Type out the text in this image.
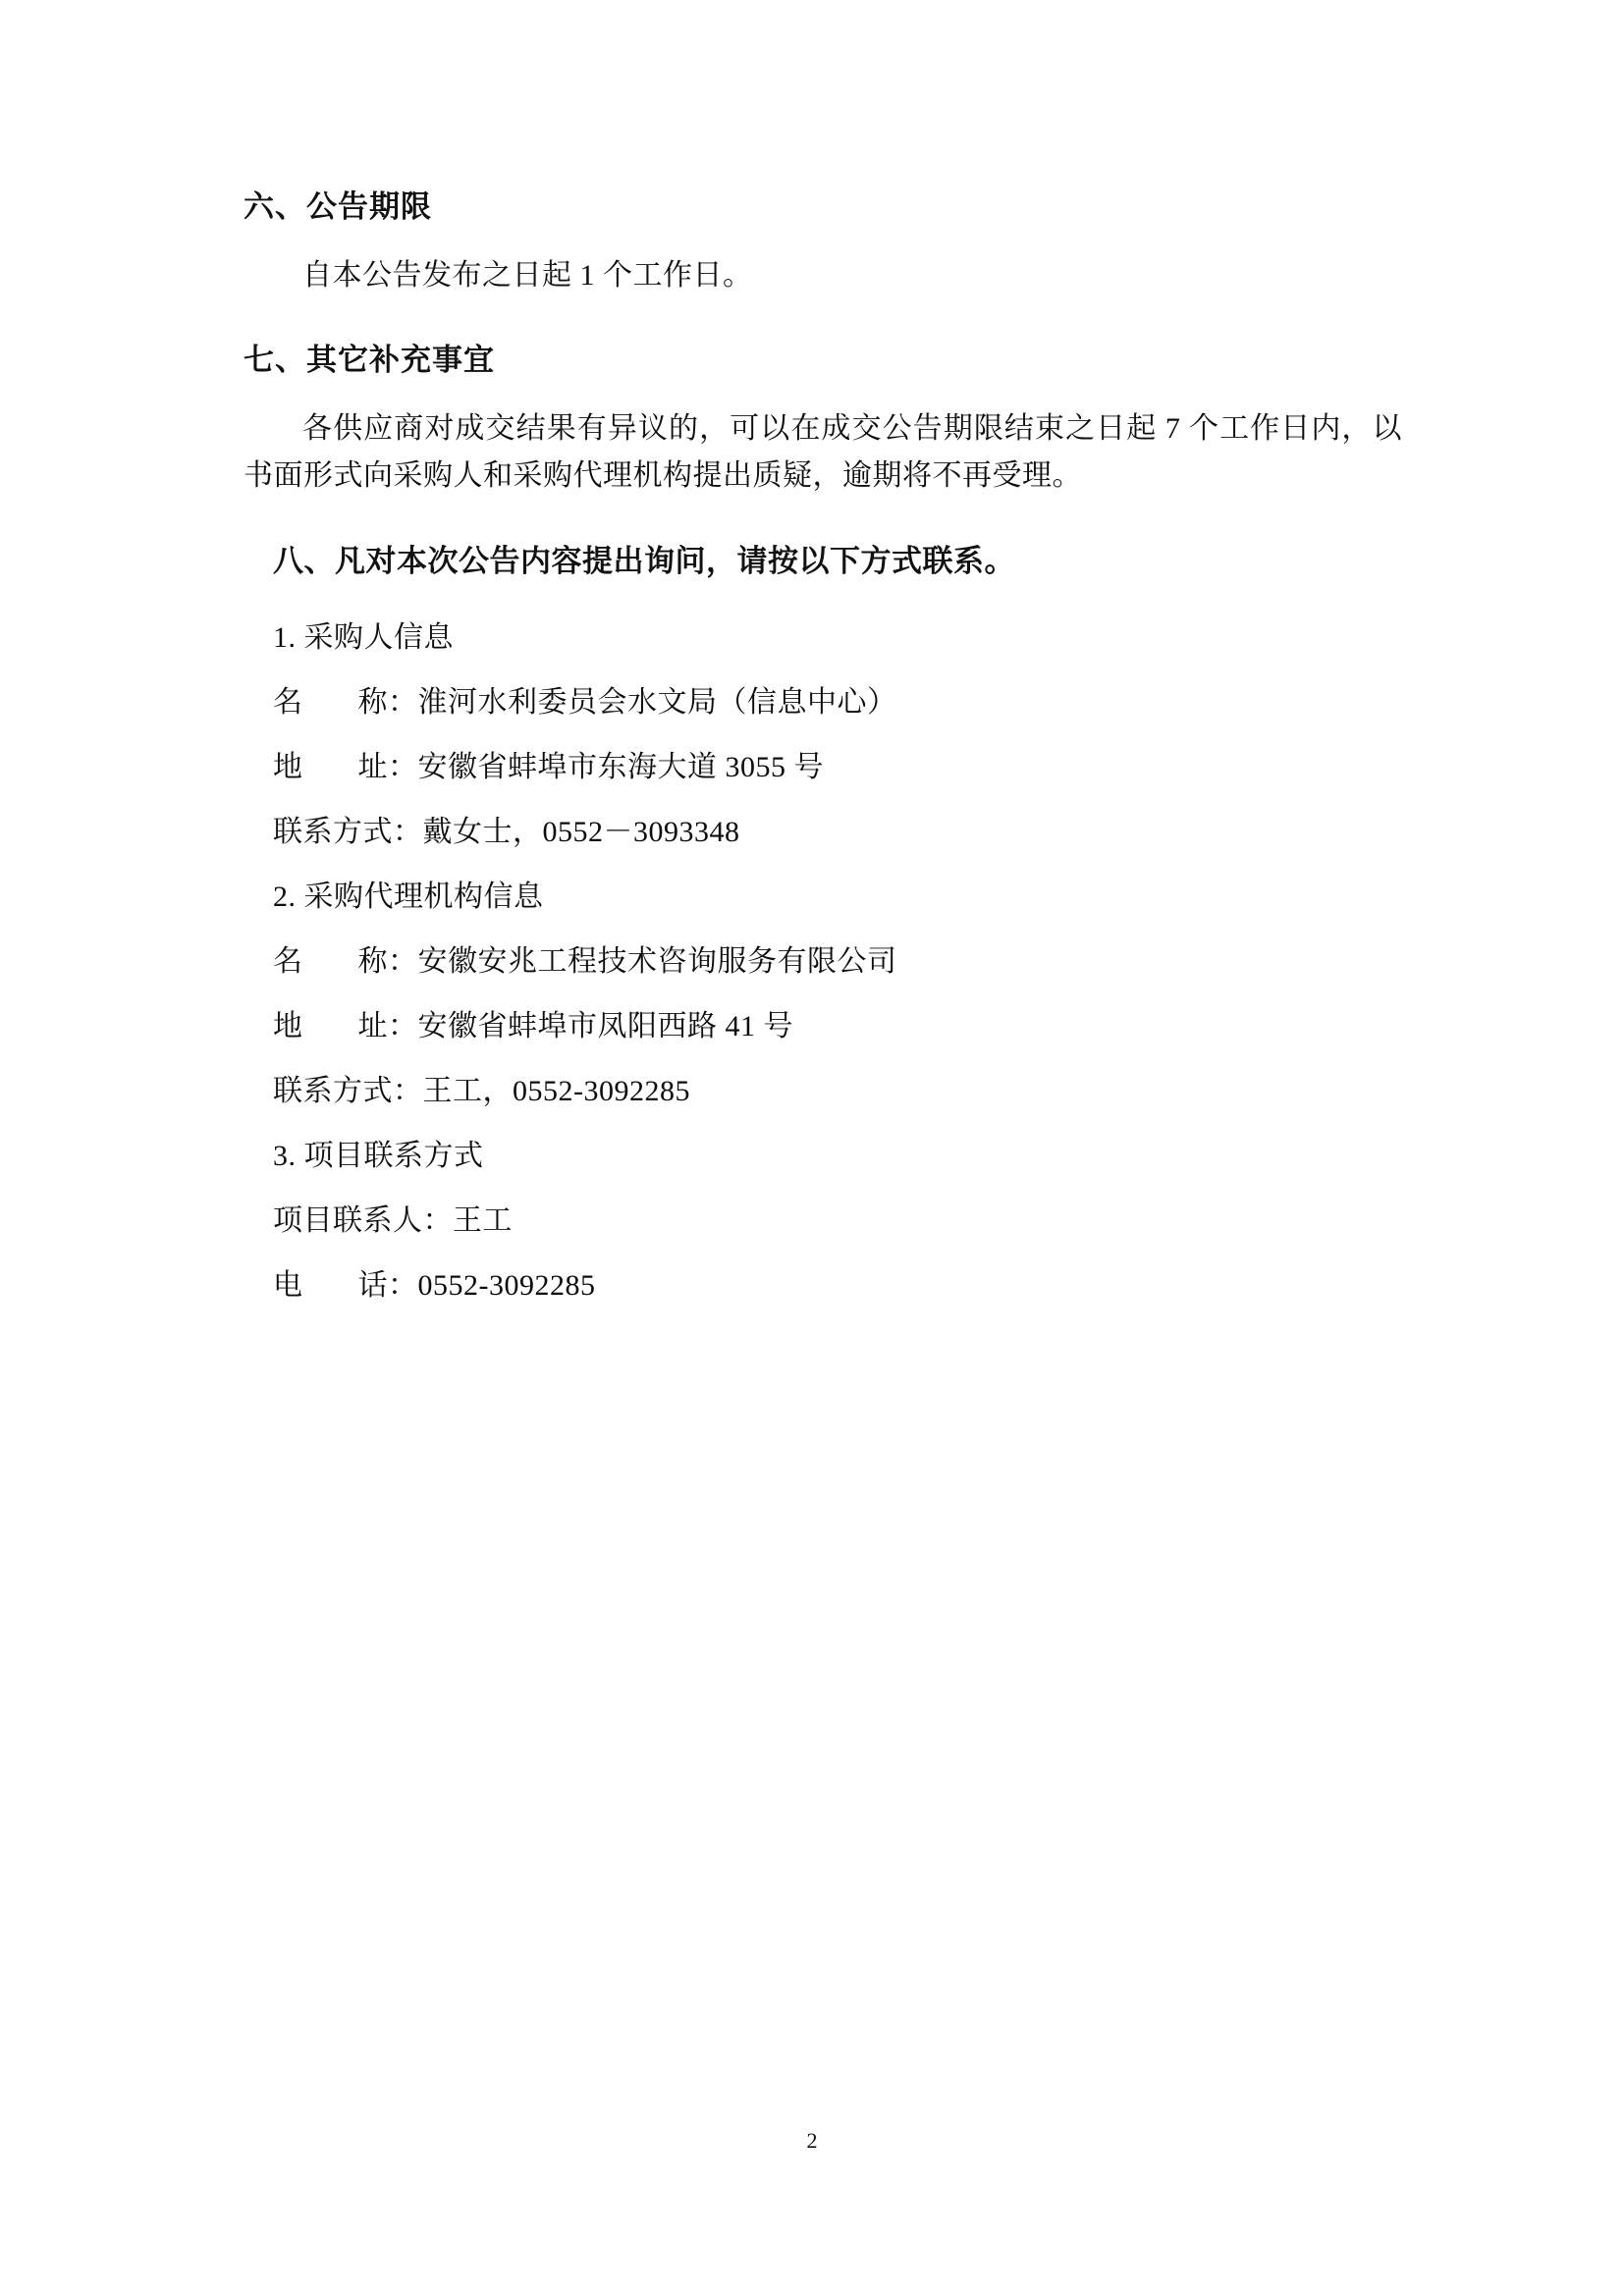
六、公告期限

自本公告发布之日起 1 个工作日。

七、其它补充事宜

各供应商对成交结果有异议的，可以在成交公告期限结束之日起 7 个工作日内，以书面形式向采购人和采购代理机构提出质疑，逾期将不再受理。

八、凡对本次公告内容提出询问，请按以下方式联系。
1. 采购人信息
名       称：淮河水利委员会水文局（信息中心）
地       址：安徽省蚌埠市东海大道 3055 号
联系方式：戴女士，0552－3093348
2. 采购代理机构信息
名       称：安徽安兆工程技术咨询服务有限公司
地       址：安徽省蚌埠市凤阳西路 41 号
联系方式：王工，0552-3092285
3. 项目联系方式
项目联系人：王工
电       话：0552-3092285
2
